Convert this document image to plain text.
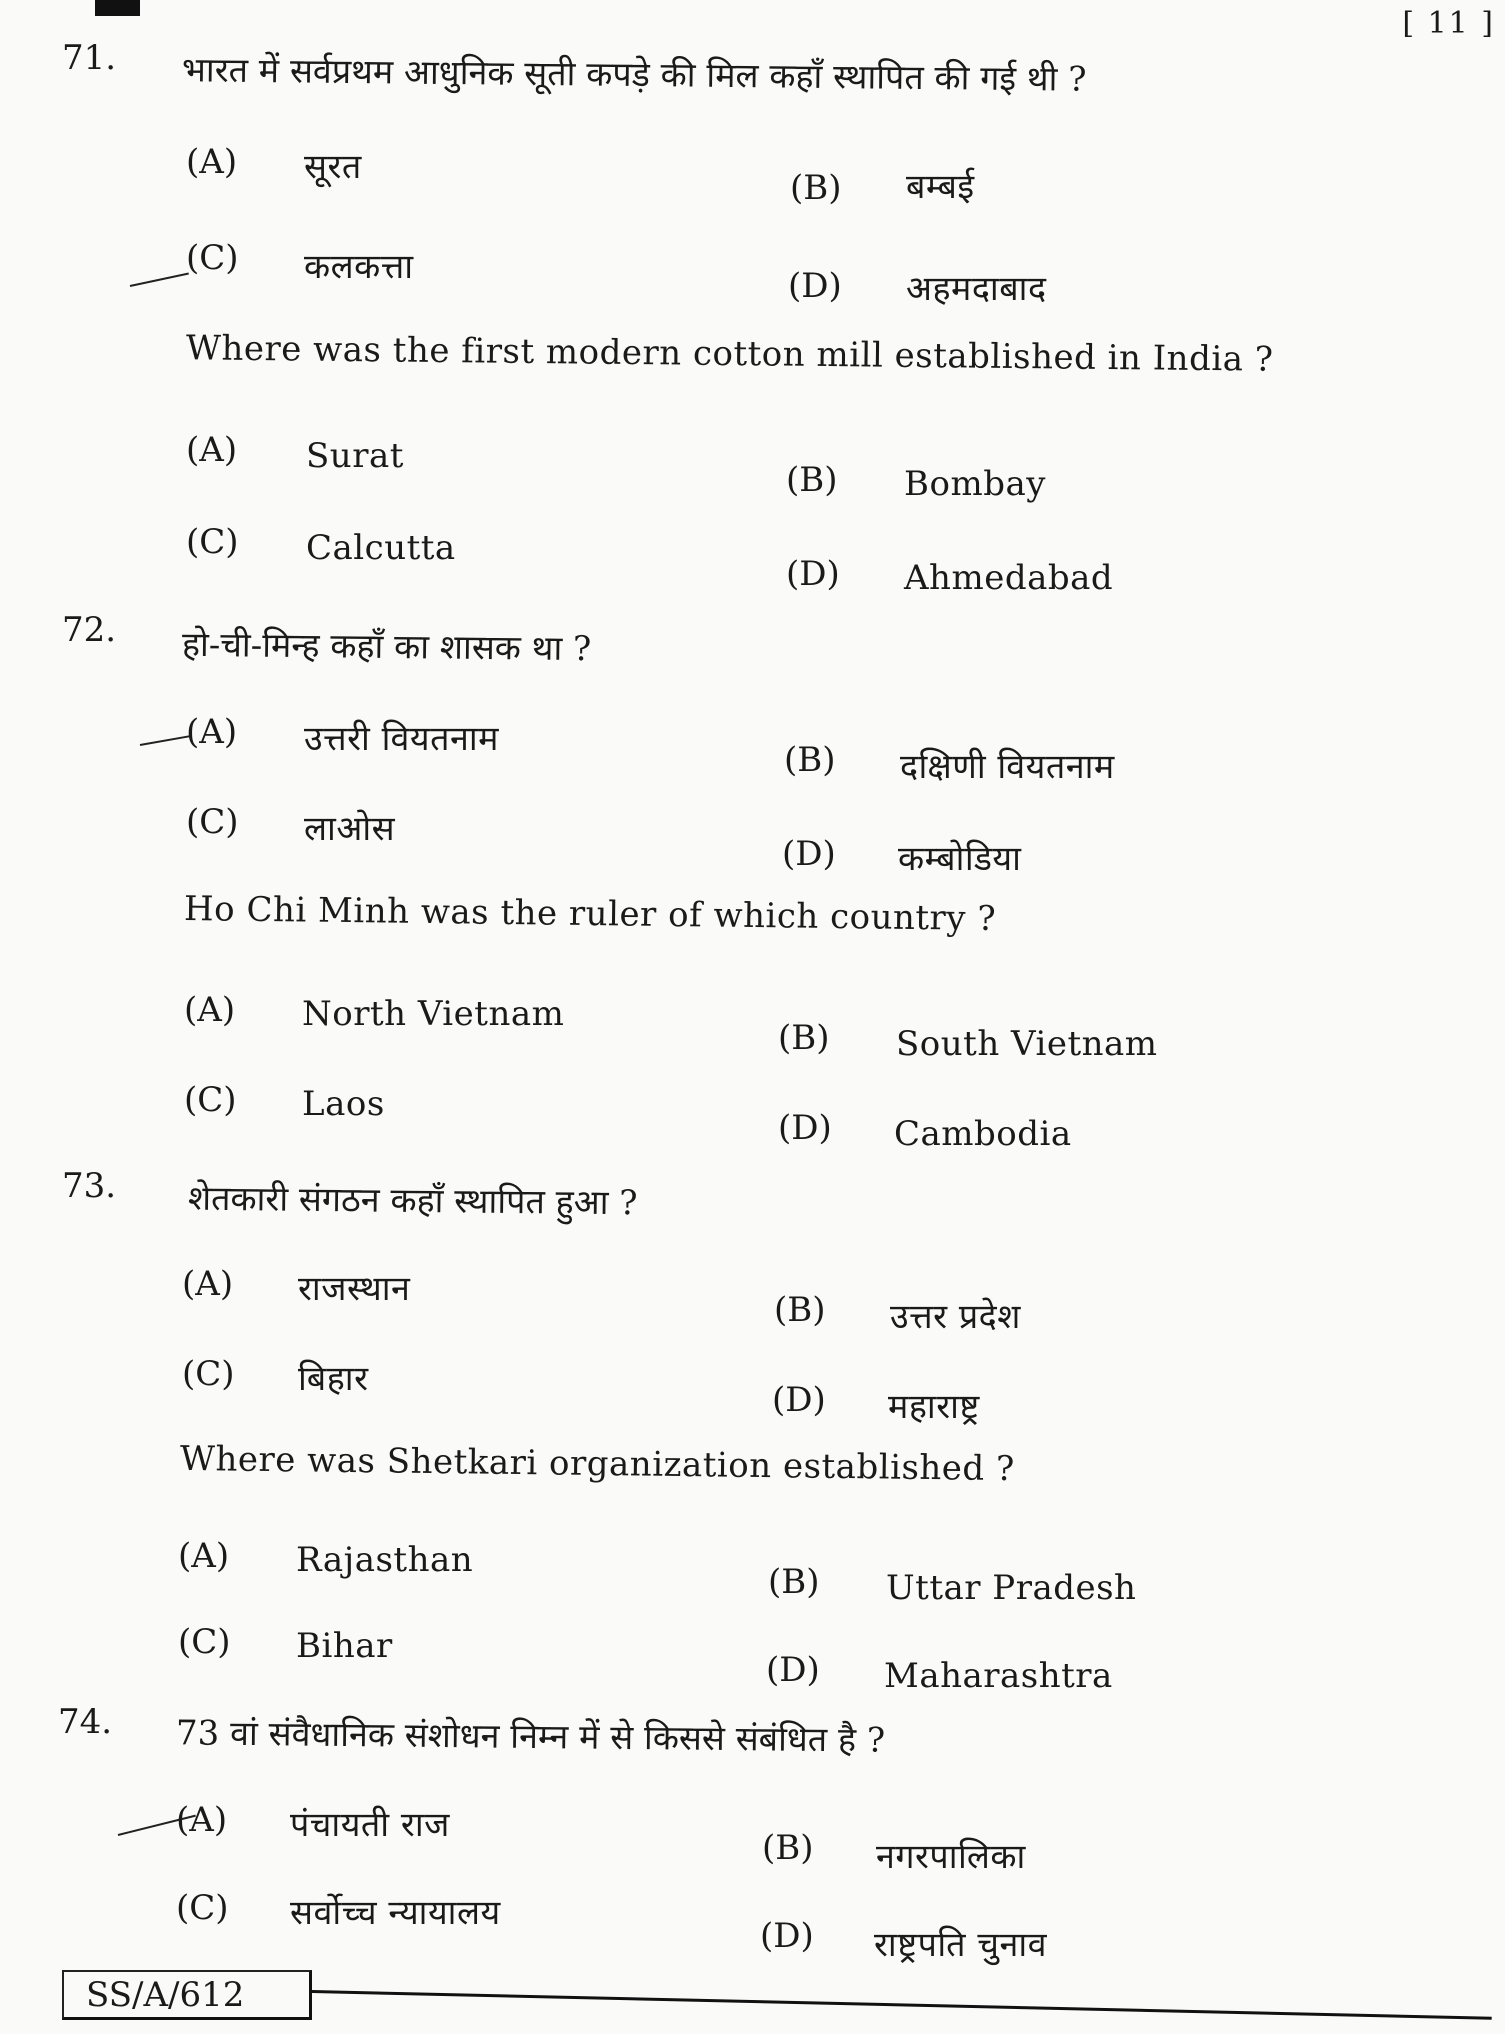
[ 11 ]
71. भारत में सर्वप्रथम आधुनिक सूती कपड़े की मिल कहाँ स्थापित की गई थी ?
(A) सूरत
(B) बम्बई
(C) कलकत्ता	(D) अहमदाबाद
Where was the first modern cotton mill established in India ?
(A) Surat
(B) Bombay
(C) Calcutta
(D) Ahmedabad
72. हो-ची-मिन्ह कहाँ का शासक था ?
(A) उत्तरी वियतनाम
(B) दक्षिणी वियतनाम
(C) लाओस
(D) कम्बोडिया
Ho Chi Minh was the ruler of which country ?
(A) North Vietnam
(B) South Vietnam
(C) Laos
(D) Cambodia
73. शेतकारी संगठन कहाँ स्थापित हुआ ?
(A) राजस्थान
(B) उत्तर प्रदेश
(C) बिहार
(D) महाराष्ट्र
Where was Shetkari organization established ?
(A) Rajasthan
(B) Uttar Pradesh
(C) Bihar
(D) Maharashtra
74. 73 वां संवैधानिक संशोधन निम्न में से किससे संबंधित है ?
(A) पंचायती राज
(B) नगरपालिका
(C) सर्वोच्च न्यायालय
(D) राष्ट्रपति चुनाव
SS/A/612
